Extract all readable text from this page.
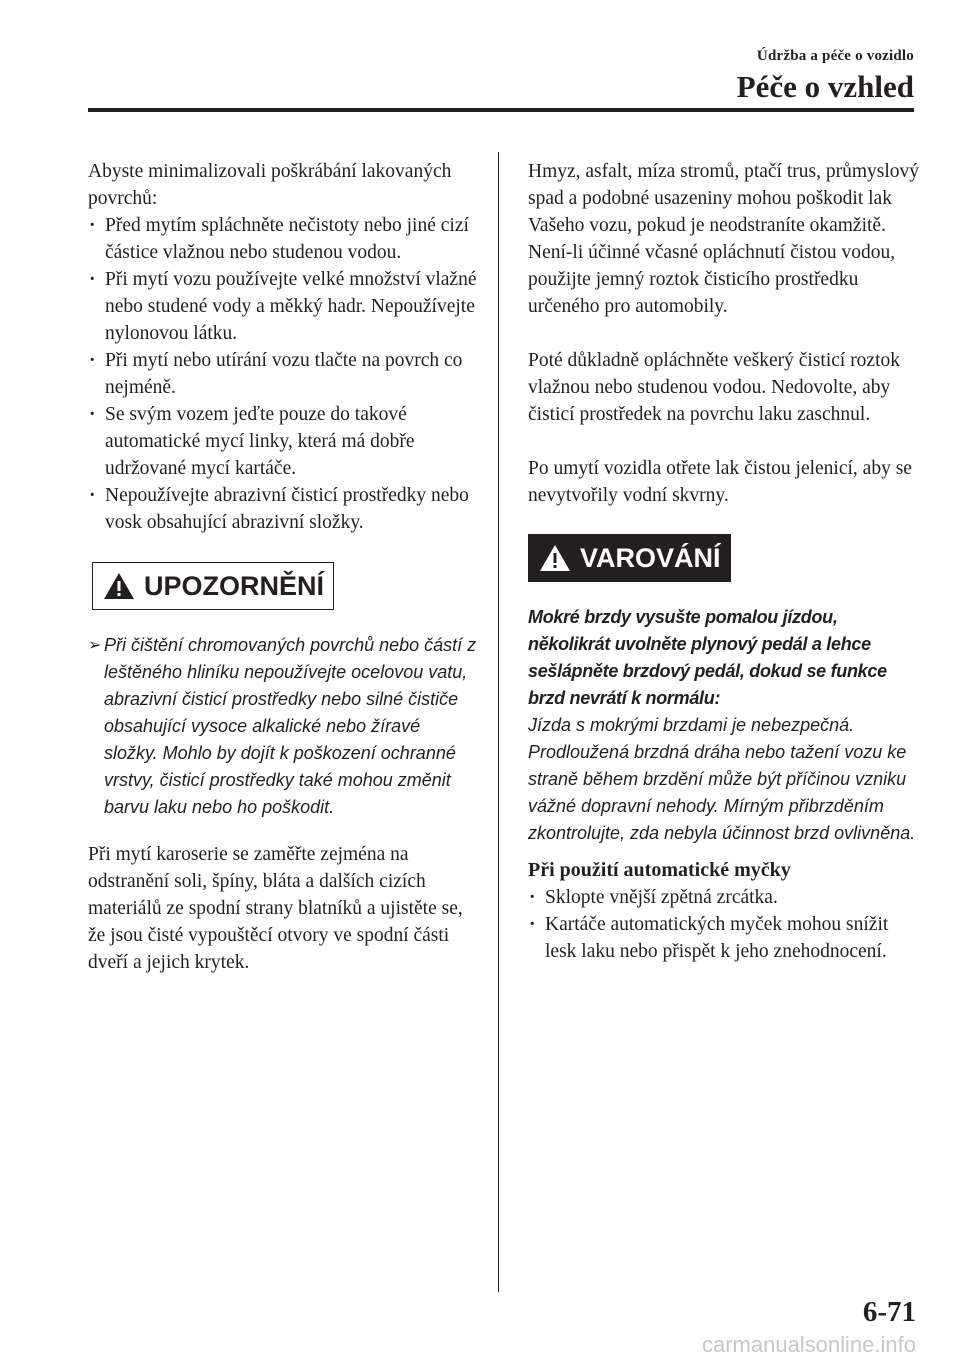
Údržba a péče o vozidlo
Péče o vzhled

Abyste minimalizovali poškrábání lakovaných povrchů:

· Před mytím spláchněte nečistoty nebo jiné cizí částice vlažnou nebo studenou vodou.
· Při mytí vozu používejte velké množství vlažné nebo studené vody a měkký hadr. Nepoužívejte nylonovou látku.
· Při mytí nebo utírání vozu tlačte na povrch co nejméně.
· Se svým vozem jeďte pouze do takové automatické mycí linky, která má dobře udržované mycí kartáče.
· Nepoužívejte abrazivní čisticí prostředky nebo vosk obsahující abrazivní složky.
UPOZORNĚNÍ
➢ Při čištění chromovaných povrchů nebo částí z leštěného hliníku nepoužívejte ocelovou vatu, abrazivní čisticí prostředky nebo silné čističe obsahující vysoce alkalické nebo žíravé složky. Mohlo by dojít k poškození ochranné vrstvy, čisticí prostředky také mohou změnit barvu laku nebo ho poškodit.

Při mytí karoserie se zaměřte zejména na odstranění soli, špíny, bláta a dalších cizích materiálů ze spodní strany blatníků a ujistěte se, že jsou čisté vypouštěcí otvory ve spodní části dveří a jejich krytek.

Hmyz, asfalt, míza stromů, ptačí trus, průmyslový spad a podobné usazeniny mohou poškodit lak Vašeho vozu, pokud je neodstraníte okamžitě. Není-li účinné včasné opláchnutí čistou vodou, použijte jemný roztok čisticího prostředku určeného pro automobily.

Poté důkladně opláchněte veškerý čisticí roztok vlažnou nebo studenou vodou. Nedovolte, aby čisticí prostředek na povrchu laku zaschnul.

Po umytí vozidla otřete lak čistou jelenicí, aby se nevytvořily vodní skvrny.

VAROVÁNÍ

Mokré brzdy vysušte pomalou jízdou, několikrát uvolněte plynový pedál a lehce sešlápněte brzdový pedál, dokud se funkce brzd nevrátí k normálu:

Jízda s mokrými brzdami je nebezpečná. Prodloužená brzdná dráha nebo tažení vozu ke straně během brzdění může být příčinou vzniku vážné dopravní nehody. Mírným přibrzděním zkontrolujte, zda nebyla účinnost brzd ovlivněna.

Při použití automatické myčky

· Sklopte vnější zpětná zrcátka.
· Kartáče automatických myček mohou snížit lesk laku nebo přispět k jeho znehodnocení.
6-71
carmanualsonline.info
